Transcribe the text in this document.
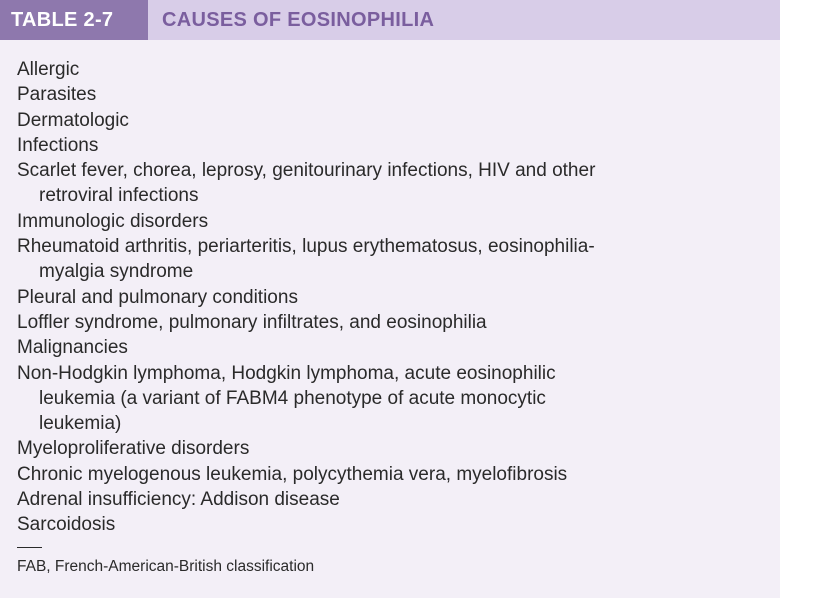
TABLE 2-7	CAUSES OF EOSINOPHILIA
Allergic
Parasites
Dermatologic
Infections
Scarlet fever, chorea, leprosy, genitourinary infections, HIV and other
retroviral infections
Immunologic disorders
Rheumatoid arthritis, periarteritis, lupus erythematosus, eosinophilia-
myalgia syndrome
Pleural and pulmonary conditions
Loffler syndrome, pulmonary infiltrates, and eosinophilia
Malignancies
Non-Hodgkin lymphoma, Hodgkin lymphoma, acute eosinophilic
leukemia (a variant of FABM4 phenotype of acute monocytic
leukemia)
Myeloproliferative disorders
Chronic myelogenous leukemia, polycythemia vera, myelofibrosis
Adrenal insufficiency: Addison disease
Sarcoidosis
FAB, French-American-British classification
